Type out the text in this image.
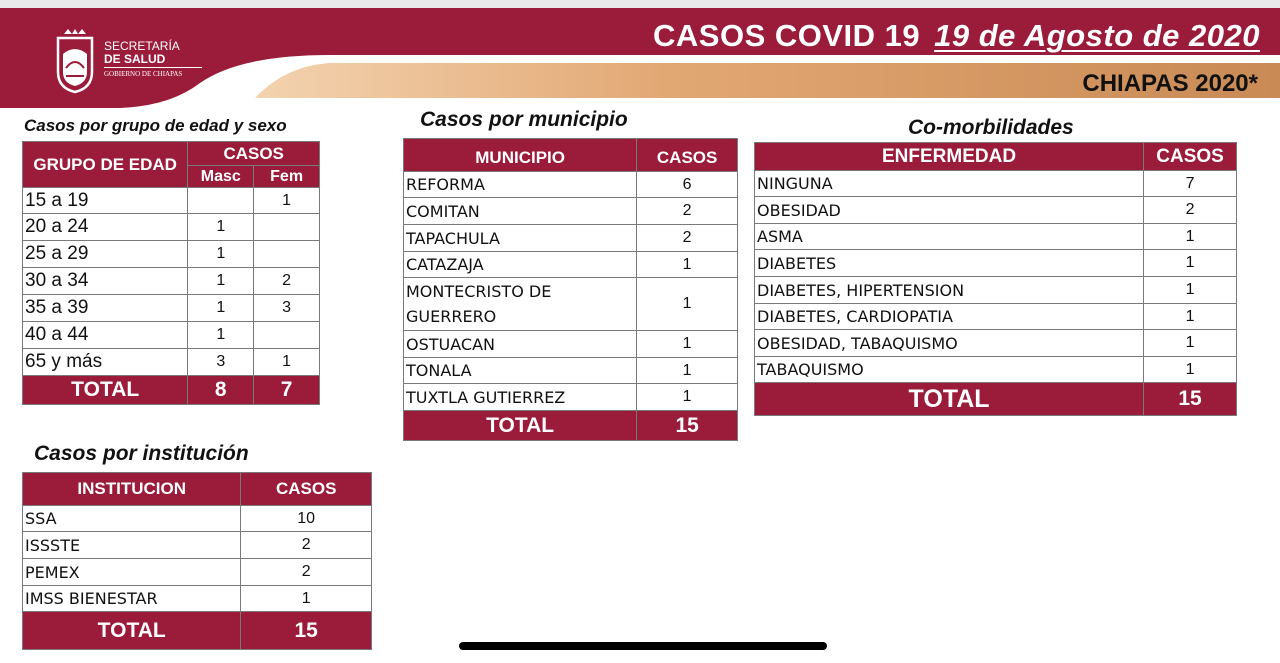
SECRETARÍA
DE SALUD
GOBIERNO DE CHIAPAS
CASOS COVID 19 19 de Agosto de 2020
CHIAPAS 2020*
Casos por grupo de edad y sexo
GRUPO DE EDAD	CASOS	
	Masc	Fem
15 a 19		1
20 a 24	1	
25 a 29	1	
30 a 34	1	2
35 a 39	1	3
40 a 44	1	
65 y más	3	1
TOTAL	8	7
Casos por municipio
MUNICIPIO	CASOS
REFORMA	6
COMITAN	2
TAPACHULA	2
CATAZAJA	1
MONTECRISTO DE
GUERRERO	1
OSTUACAN	1
TONALA	1
TUXTLA GUTIERREZ	1
TOTAL	15
Co-morbilidades
ENFERMEDAD	CASOS
NINGUNA	7
OBESIDAD	2
ASMA	1
DIABETES	1
DIABETES, HIPERTENSION	1
DIABETES, CARDIOPATIA	1
OBESIDAD, TABAQUISMO	1
TABAQUISMO	1
TOTAL	15
Casos por institución
INSTITUCION	CASOS
SSA	10
ISSSTE	2
PEMEX	2
IMSS BIENESTAR	1
TOTAL	15
